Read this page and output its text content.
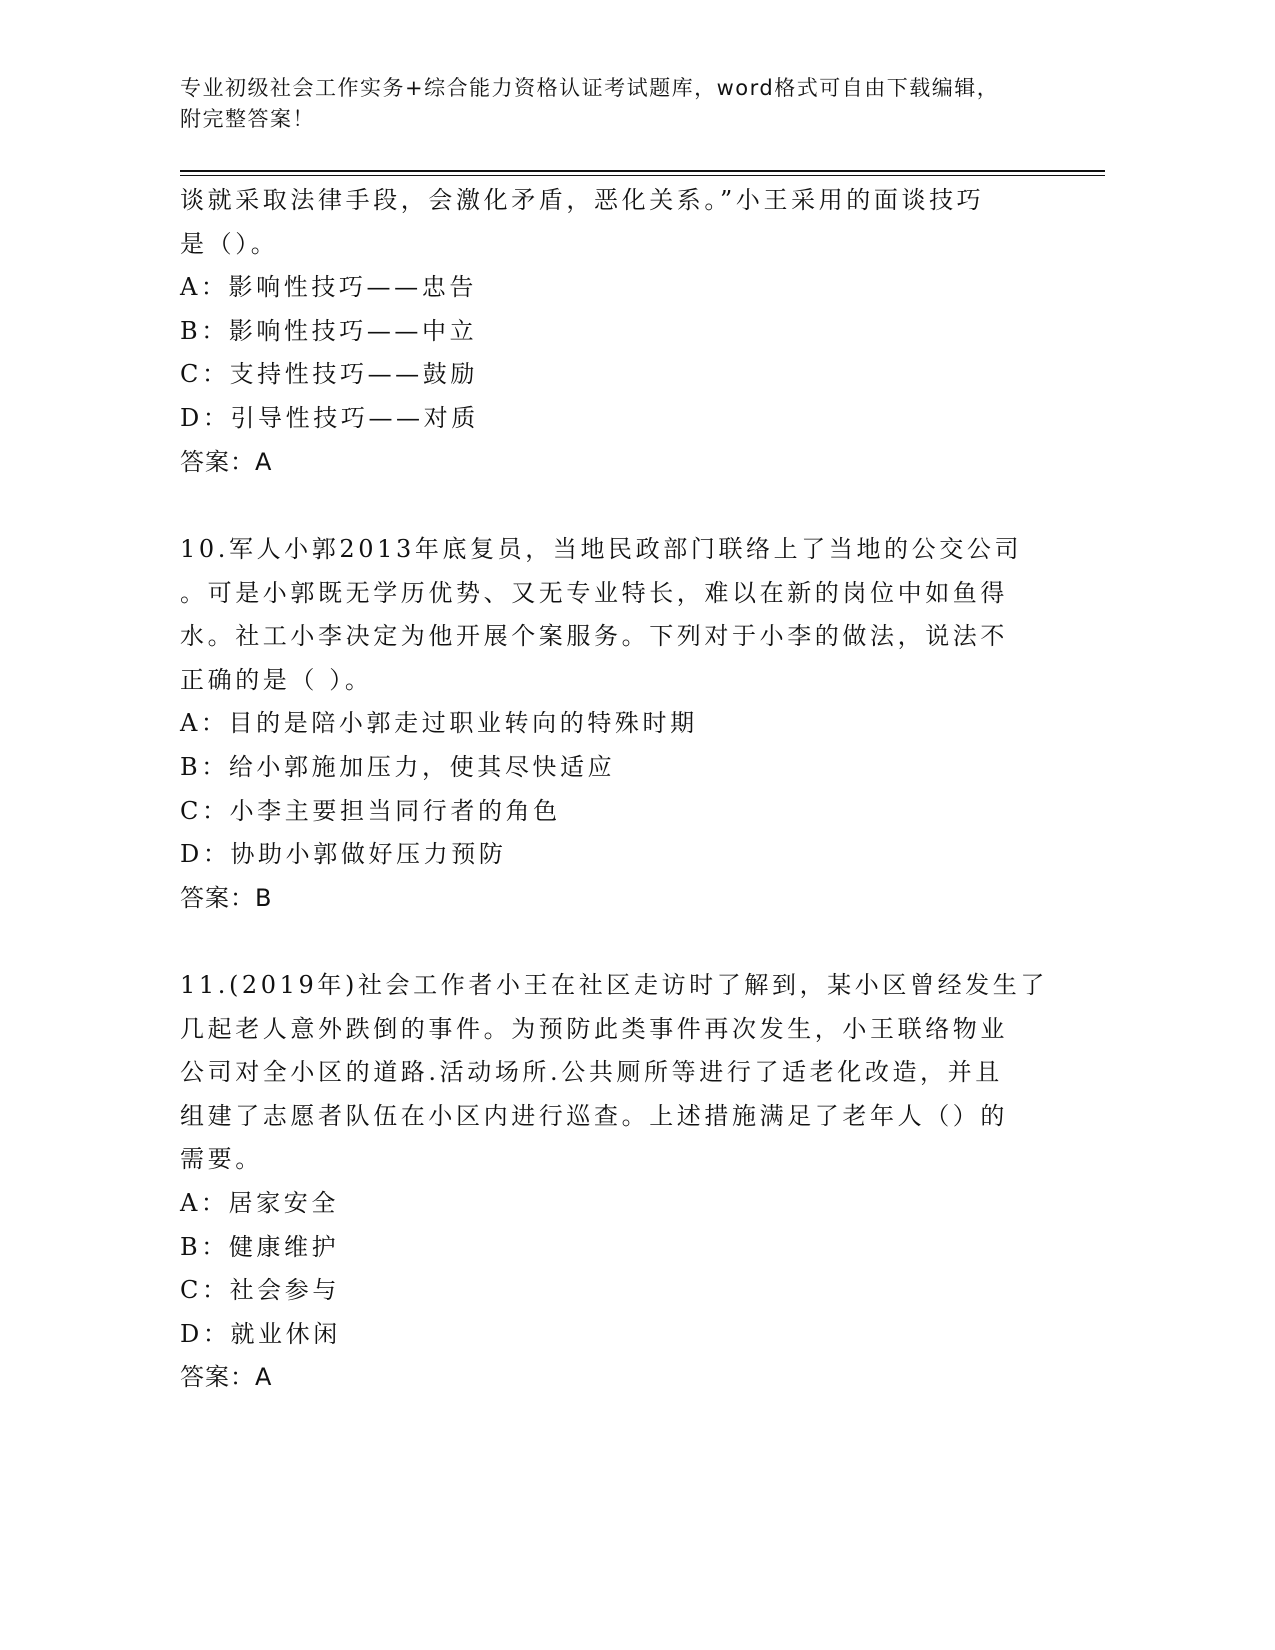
专业初级社会工作实务+综合能力资格认证考试题库，word格式可自由下载编辑，
附完整答案！
谈就采取法律手段，会激化矛盾，恶化关系。”小王采用的面谈技巧
是（）。
A：影响性技巧——忠告
B：影响性技巧——中立
C：支持性技巧——鼓励
D：引导性技巧——对质
答案：A
10.军人小郭2013年底复员，当地民政部门联络上了当地的公交公司
。可是小郭既无学历优势、又无专业特长，难以在新的岗位中如鱼得
水。社工小李决定为他开展个案服务。下列对于小李的做法，说法不
正确的是（ ）。
A：目的是陪小郭走过职业转向的特殊时期
B：给小郭施加压力，使其尽快适应
C：小李主要担当同行者的角色
D：协助小郭做好压力预防
答案：B
11.(2019年)社会工作者小王在社区走访时了解到，某小区曾经发生了
几起老人意外跌倒的事件。为预防此类事件再次发生，小王联络物业
公司对全小区的道路.活动场所.公共厕所等进行了适老化改造，并且
组建了志愿者队伍在小区内进行巡查。上述措施满足了老年人（）的
需要。
A：居家安全
B：健康维护
C：社会参与
D：就业休闲
答案：A
